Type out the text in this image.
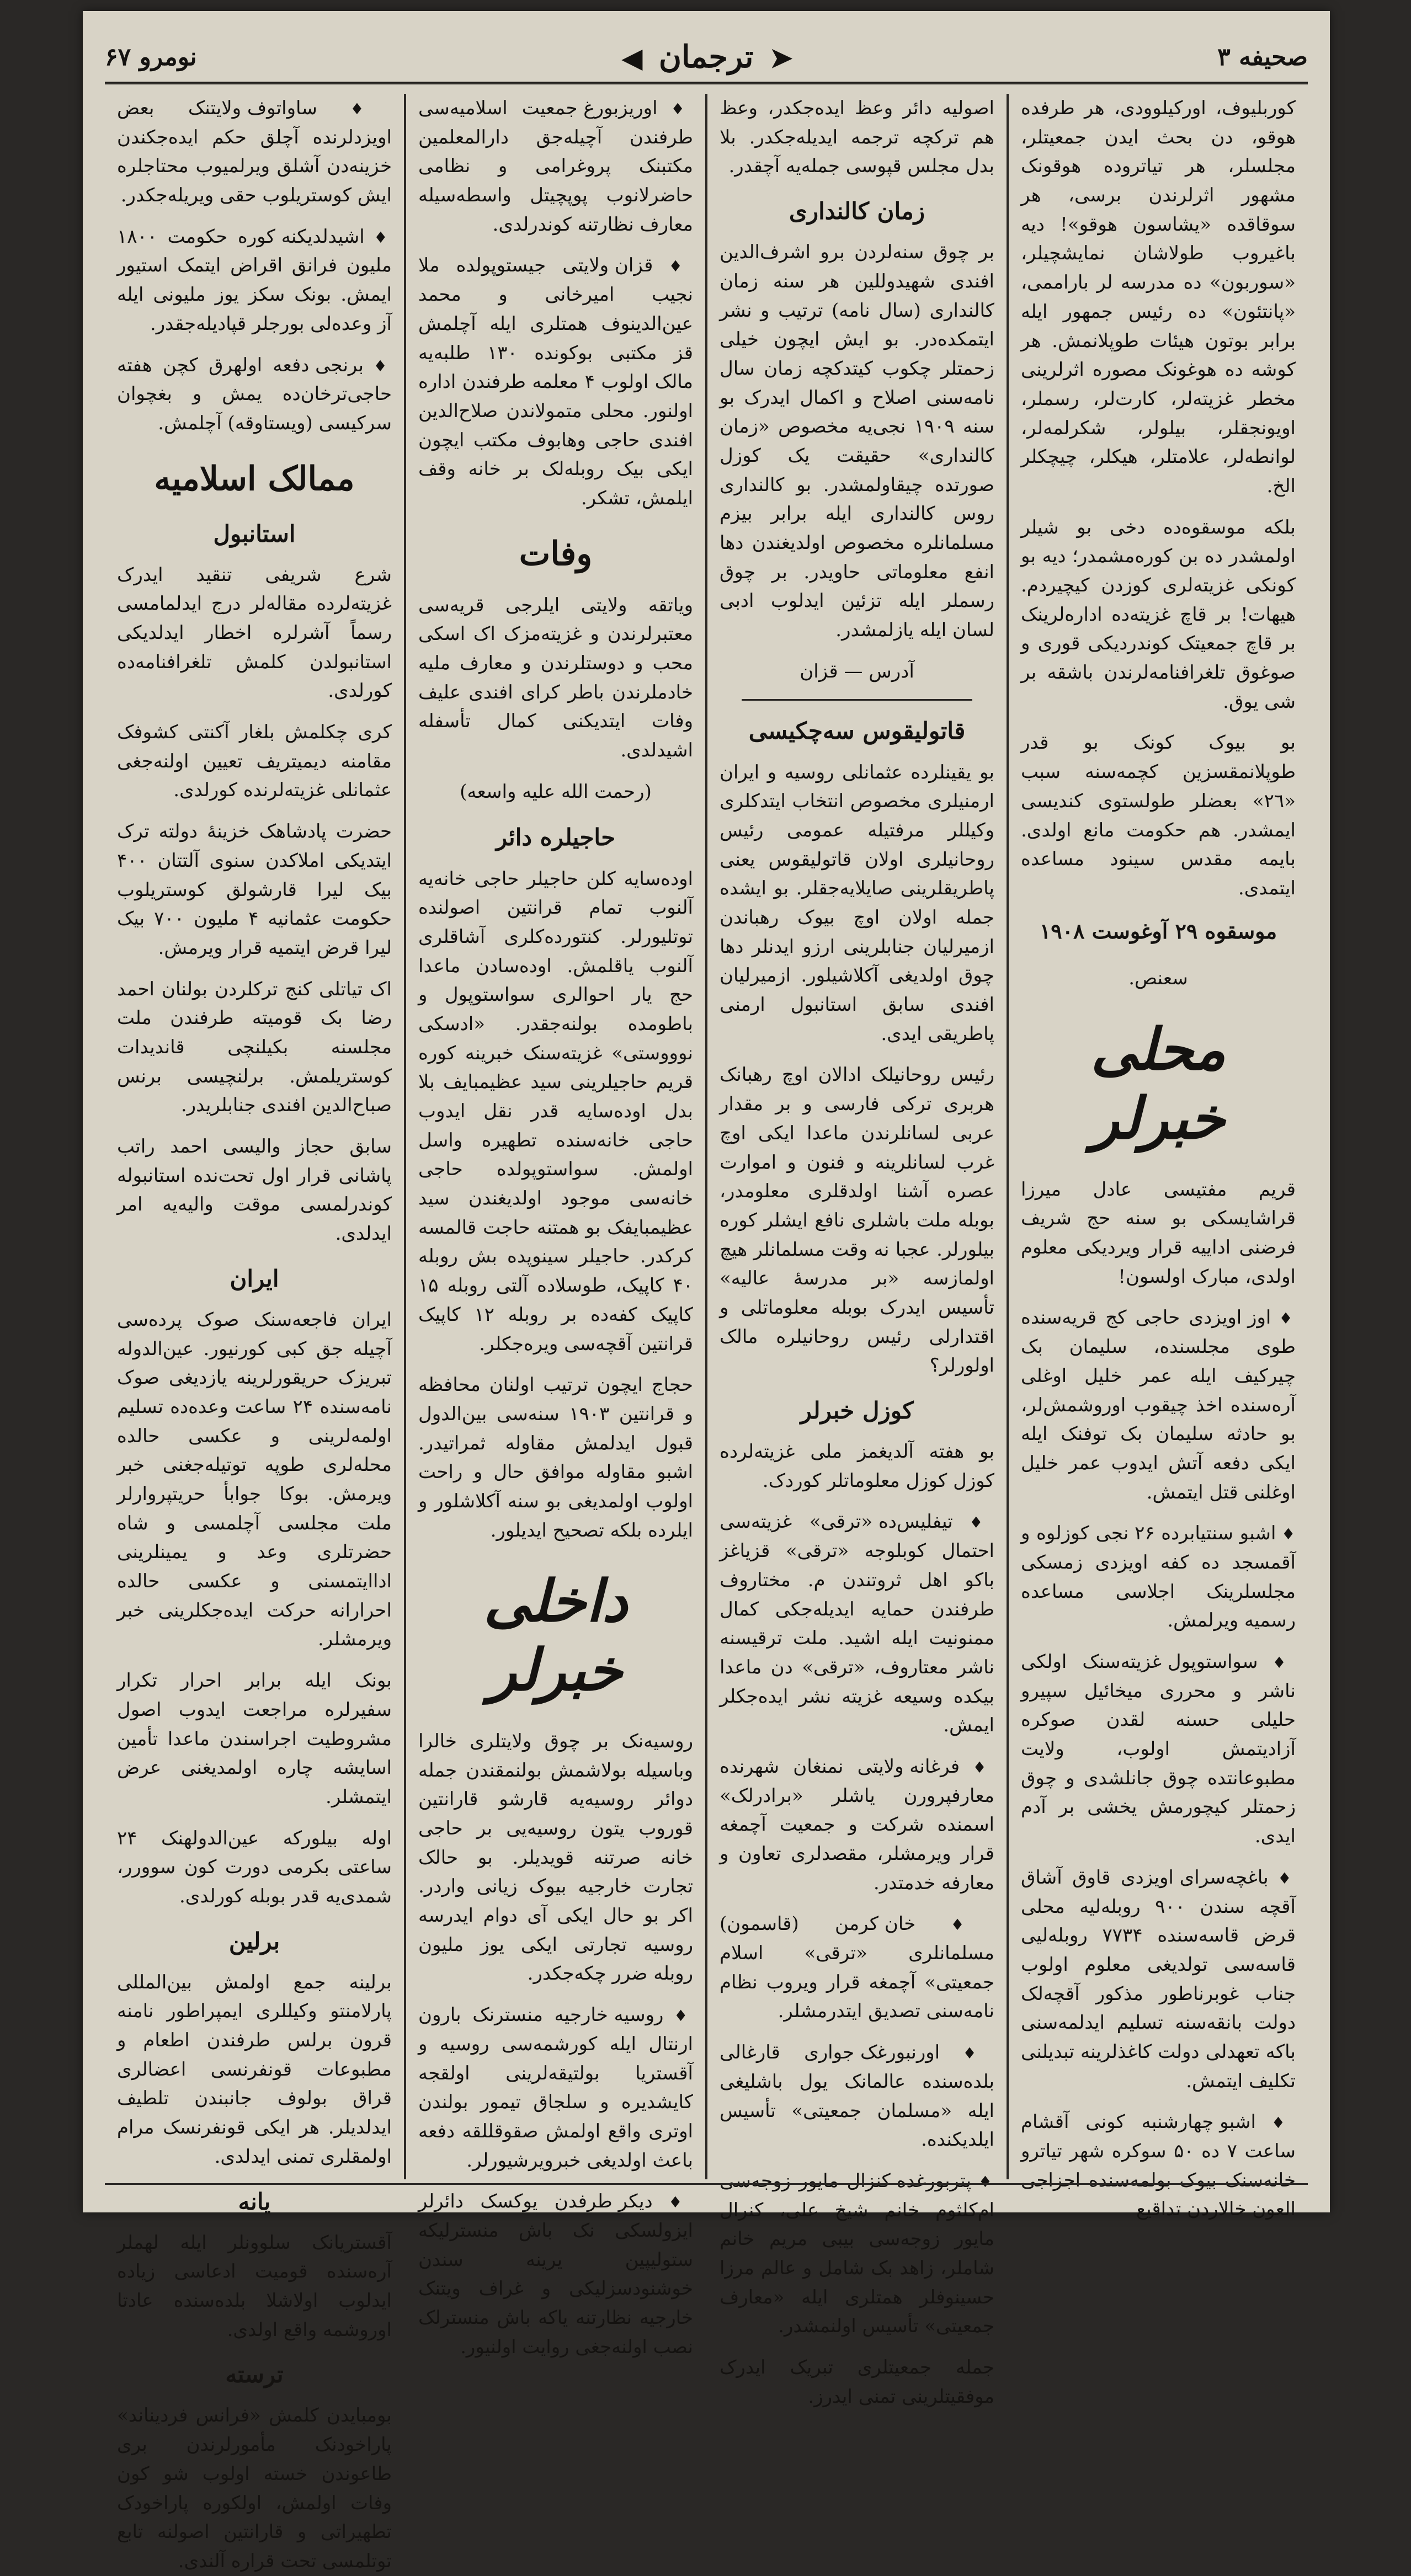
صحیفه ۳
➤ ترجمان ◀
نومرو ۶۷

کوربلیوف، اورکیلوودی، هر طرفده هوقو، دن بحث ایدن جمعیتلر، مجلسلر، هر تیاتروده هوقونک مشهور اثرلرندن برسی، هر سوقاقده «یشاسون هوقو»! دیه باغیروب طولاشان نمایشچیلر، «سوربون» ده مدرسه لر باراممی، «پانتئون» ده رئیس جمهور ایله برابر بوتون هیئات طوپلانمش. هر کوشه ده هوغونک مصوره اثرلرینی مخطر غزیته‌لر، کارت‌لر، رسملر، اویونجقلر، بیلولر، شکرلمه‌لر، لوانطه‌لر، علامتلر، هیکلر، چیچکلر الخ.

بلکه موسقوه‌ده دخی بو شیلر اولمشدر ده بن کوره‌مشمدر؛ دیه بو کونکی غزیته‌لری کوزدن کیچیردم. هیهات! بر قاچ غزیته‌ده اداره‌لرینک بر قاچ جمعیتک کوندردیکی قوری و صوغوق تلغرافنامه‌لرندن باشقه بر شی یوق.

بو بیوک کونک بو قدر طوپلانمقسزین کچمه‌سنه سبب «٢٦» بعضلر طولستوی کندیسی ایمشدر. هم حکومت مانع اولدی. بایمه مقدس سینود مساعده ایتمدی.

موسقوه ۲۹ آوغوست ۱۹۰۸
سعنص.
محلی خبرلر

قریم مفتیسی عادل میرزا قراشایسکی بو سنه حج شریف فرضنی اداییه قرار ویردیکی معلوم اولدی، مبارک اولسون!

♦ اوز اویزدی حاجی کج قریه‌سنده طوی مجلسنده، سلیمان بک چیرکیف ایله عمر خلیل اوغلی آره‌سنده اخذ چیقوب اوروشمش‌لر، بو حادثه سلیمان بک توفنک ایله ایکی دفعه آتش ایدوب عمر خلیل اوغلنی قتل ایتمش.

♦ اشبو سنتیابرده ۲۶ نجی کوزلوه و آقمسجد ده کفه اویزدی زمسکی مجلسلرینک اجلاسی مساعده رسمیه ویرلمش.

♦ سواستوپول غزیته‌سنک اولکی ناشر و محرری میخائیل سپیرو حلیلی حسنه لقدن صوکره آزادیتمش اولوب، ولایت مطبوعانتده چوق جانلشدی و چوق زحمتلر کیچورمش یخشی بر آدم ایدی.

♦ باغچه‌سرای اویزدی قاوق آشاق آقچه سندن ۹۰۰ روبله‌لیه محلی قرض قاسه‌سنده ۷۷۳۴ روبله‌لیی قاسه‌سی تولدیغی معلوم اولوب جناب غوبرناطور مذکور آقچه‌لک دولت بانقه‌سنه تسلیم ایدلمه‌سنی باکه تعهدلی دولت کاغذلرینه تبدیلنی تکلیف ایتمش.

♦ اشبو چهارشنبه کونی آقشام ساعت ۷ ده ۵۰ سوکره شهر تیاترو خانه‌سنک بیوک بولمه‌سنده اجزاجی العون خالاردن تداقیع

اصولیه دائر وعظ ایده‌جکدر، وعظ هم ترکچه ترجمه ایدیله‌جکدر. بلا بدل مجلس قپوسی جمله‌یه آچقدر.

زمان کالنداری

بر چوق سنه‌لردن برو اشرف‌الدین افندی شهیدوللین هر سنه زمان کالنداری (سال نامه) ترتیب و نشر ایتمکده‌در. بو ایش ایچون خیلی زحمتلر چکوب کیتدکچه زمان سال نامه‌سنی اصلاح و اکمال ایدرک بو سنه ۱۹۰۹ نجی‌یه مخصوص «زمان کالنداری» حقیقت یک کوزل صورتده چیقاولمشدر. بو کالنداری روس کالنداری ایله برابر بیزم مسلمانلره مخصوص اولدیغندن دها انفع معلوماتی حاویدر. بر چوق رسملر ایله تزئین ایدلوب ادبی لسان ایله یازلمشدر.

آدرس — قزان
قاتولیقوس سه‌چکیسی

بو یقینلرده عثمانلی روسیه و ایران ارمنیلری مخصوص انتخاب ایتدکلری وکیللر مرفتیله عمومی رئیس روحانیلری اولان قاتولیقوس یعنی پاطریقلرینی صایلایه‌جقلر. بو ایشده جمله اولان اوچ بیوک رهباندن ازمیرلیان جنابلرینی ارزو ایدنلر دها چوق اولدیغی آکلاشیلور. ازمیرلیان افندی سابق استانبول ارمنی پاطریقی ایدی.

رئیس روحانیلک ادالان اوچ رهبانک هربری ترکی فارسی و بر مقدار عربی لسانلرندن ماعدا ایکی اوچ غرب لسانلرینه و فنون و اموارت عصره آشنا اولدقلری معلومدر، بوبله ملت باشلری نافع ایشلر کوره بیلورلر. عجبا نه وقت مسلمانلر هیچ اولمازسه «بر مدرسهٔ عالیه» تأسیس ایدرک بوبله معلوماتلی و اقتدارلی رئیس روحانیلره مالک اولورلر؟

کوزل خبرلر

بو هفته آلدیغمز ملی غزیته‌لرده کوزل کوزل معلوماتلر کوردک.

♦ تیفلیس‌ده «ترقی» غزیته‌سی احتمال کوبلوجه «ترقی» قزیاغز باکو اهل ثروتندن م. مختاروف طرفندن حمایه ایدیله‌جکی کمال ممنونیت ایله اشید. ملت ترقیسنه ناشر معتاروف، «ترقی» دن ماعدا بیکده وسیعه غزیته نشر ایده‌جکلر ایمش.

♦ فرغانه ولایتی نمنغان شهرنده معارفپرورن یاشلر «برادرلک» اسمنده شرکت و جمعیت آچمغه قرار ویرمشلر، مقصدلری تعاون و معارفه خدمتدر.

♦ خان کرمن (قاسمون) مسلمانلری «ترقی» اسلام جمعیتی» آچمغه قرار ویروب نظام نامه‌سنی تصدیق ایتدرمشلر.

♦ اورنبورغک جواری قارغالی بلده‌سنده عالمانک یول باشلیغی ایله «مسلمان جمعیتی» تأسیس ایلدیکنده.

♦ پتربورغده کنزال مایور زوجه‌سی ام‌کلثوم خانم شیخ علی، کنرال مایور زوجه‌سی بیبی مریم خانم شاملر، زاهد بک شامل و عالم مرزا حسینوفلر همتلری ایله «معارف جمعیتی» تأسیس اولنمشدر.

جمله جمعیتلری تبریک ایدرک موفقیتلرینی تمنی ایدرز.

♦ اوریزبورغ جمعیت اسلامیه‌سی طرفندن آچیله‌جق دارالمعلمین مکتبنک پروغرامی و نظامی حاضرلانوب پوپچیتل واسطه‌سیله معارف نظارتنه کوندرلدی.

♦ قزان ولایتی جیستوپولده ملا نجیب امیرخانی و محمد عین‌الدینوف همتلری ایله آچلمش قز مکتبی بوکونده ۱۳۰ طلبه‌یه مالک اولوب ۴ معلمه طرفندن اداره اولنور. محلی متمولاندن صلاح‌الدین افندی حاجی وهابوف مکتب ایچون ایکی بیک روبله‌لک بر خانه وقف ایلمش، تشکر.

وفات

ویاتقه ولایتی ایلرجی قریه‌سی معتبرلرندن و غزیته‌مزک اک اسکی محب و دوستلرندن و معارف ملیه خادملرندن باطر کرای افندی علیف وفات ایتدیکنی کمال تأسفله اشیدلدی.

(رحمت الله علیه واسعه)
حاجیلره دائر

اوده‌سایه کلن حاجیلر حاجی خانه‌یه آلنوب تمام قرانتین اصولنده توتلیورلر. کنتورده‌کلری آشاقلری آلنوب یاقلمش. اوده‌سادن ماعدا حج یار احوالری سواستوپول و باطومده بولنه‌جقدر. «ادسکی نوووستی» غزیته‌سنک خبرینه کوره قریم حاجیلرینی سید عظیمبایف بلا بدل اوده‌سایه قدر نقل ایدوب حاجی خانه‌سنده تطهیره واسل اولمش. سواستوپولده حاجی خانه‌سی موجود اولدیغندن سید عظیمبایفک بو همتنه حاجت قالمسه کرکدر. حاجیلر سینوپده بش روبله ۴۰ کاپیک، طوسلاده آلتی روبله ۱۵ کاپیک کفه‌ده بر روبله ۱۲ کاپیک قرانتین آقچه‌سی ویره‌جکلر.

حجاج ایچون ترتیب اولنان محافظه و قرانتین ۱۹۰۳ سنه‌سی بین‌الدول قبول ایدلمش مقاوله ثمراتیدر. اشبو مقاوله موافق حال و راحت اولوب اولمدیغی بو سنه آکلاشلور و ایلرده بلکه تصحیح ایدیلور.

داخلی خبرلر

روسیه‌نک بر چوق ولایتلری خالرا وباسیله بولاشمش بولنمقندن جمله دوائر روسیه‌یه قارشو قارانتین قوروب یتون روسیه‌یی بر حاجی خانه صرتنه قویدیلر. بو حالک تجارت خارجیه بیوک زیانی واردر. اکر بو حال ایکی آی دوام ایدرسه روسیه تجارتی ایکی یوز ملیون روبله ضرر چکه‌جکدر.

♦ روسیه خارجیه منسترنک بارون ارنتال ایله کورشمه‌سی روسیه و آقستریا بولتیقه‌لرینی اولقجه کایشدیره و سلجاق تیمور بولندن اوتری واقع اولمش صقوقللقه دفعه باعث اولدیغی خبرویرشیورلر.

♦ دیکر طرفدن یوکسک دائرلر ایزولسکی نک باش منسترلیکه ستولیپین یرینه سندن خوشنودسزلیکی و غراف ویتنک خارجیه نظارتنه یاکه باش منسترلک نصب اولنه‌جغی روایت اولنیور.

♦ ساواتوف ولایتنک بعض اویزدلرنده آچلق حکم ایده‌جکندن خزینه‌دن آشلق ویرلمیوب محتاجلره ایش کوستریلوب حقی ویریله‌جکدر.

♦ اشیدلدیکنه کوره حکومت ۱۸۰۰ ملیون فرانق اقراض ایتمک استیور ایمش. بونک سکز یوز ملیونی ایله آز وعده‌لی بورجلر قپادیله‌جقدر.

♦ برنجی دفعه اولهرق کچن هفته حاجی‌ترخان‌ده یمش و بغچوان سرکیسی (ویستاوقه) آچلمش.

ممالک اسلامیه
استانبول

شرع شریفی تنقید ایدرک غزیته‌لرده مقاله‌لر درج ایدلمامسی رسماً آشرلره اخطار ایدلدیکی استانبولدن کلمش تلغرافنامه‌ده کورلدی.

کری چکلمش بلغار آکنتی کشوفک مقامنه دیمیتریف تعیین اولنه‌جغی عثمانلی غزیته‌لرنده کورلدی.

حضرت پادشاهک خزینهٔ دولته ترک ایتدیکی املاکدن سنوی آلتتان ۴۰۰ بیک لیرا قارشولق کوستریلوب حکومت عثمانیه ۴ ملیون ۷۰۰ بیک لیرا قرض ایتمیه قرار ویرمش.

اک تیاتلی کنج ترکلردن بولنان احمد رضا بک قومیته طرفندن ملت مجلسنه بکیلنچی قاندیدات کوستریلمش. برلنچیسی برنس صباح‌الدین افندی جنابلریدر.

سابق حجاز والیسی احمد راتب پاشانی قرار اول تحت‌نده استانبوله کوندرلمسی موقت والیه‌یه امر ایدلدی.

ایران

ایران فاجعه‌سنک صوک پرده‌سی آچیله جق کبی کورنیور. عین‌الدوله تبریزک حریقورلرینه یازدیغی صوک نامه‌سنده ۲۴ ساعت وعده‌ده تسلیم اولمه‌لرینی و عکسی حالده محله‌لری طوپه توتیله‌جغنی خبر ویرمش. بوکا جوابأ حریتپروارلر ملت مجلسی آچلمسی و شاه حضرتلری وعد و یمینلرینی اداایتمسنی و عکسی حالده احرارانه حرکت ایده‌جکلرینی خبر ویرمشلر.

بونک ایله برابر احرار تکرار سفیرلره مراجعت ایدوب اصول مشروطیت اجراسندن ماعدا تأمین اسایشه چاره اولمدیغنی عرض ایتمشلر.

اوله بیلورکه عین‌الدولهنک ۲۴ ساعتی بکرمی دورت کون سوورر، شمدی‌یه قدر بوبله کورلدی.

برلین

برلینه جمع اولمش بین‌المللی پارلامنتو وکیللری ایمپراطور نامنه قرون برلس طرفندن اطعام و مطبوعات قونفرنسی اعضالری قراق بولوف جانبندن تلطیف ایدلدیلر. هر ایکی قونفرنسک مرام اولمقلری تمنی ایدلدی.

یانه

آقستریانک سلوونلر ایله لهملر آره‌سنده قومیت ادعاسی زیاده ایدلوب اولاشلا بلده‌سنده عادتا اوروشمه واقع اولدی.

ترسته

بومبایدن کلمش «فرانس فردیناند» پاراخودنک مأمورلرندن بری طاعوندن خسته اولوب شو کون وفات اولمش، اولکوره پاراخودک تطهیراتی و قارانتین اصولنه تابع توتلمسی تحت قراره آلندی.
